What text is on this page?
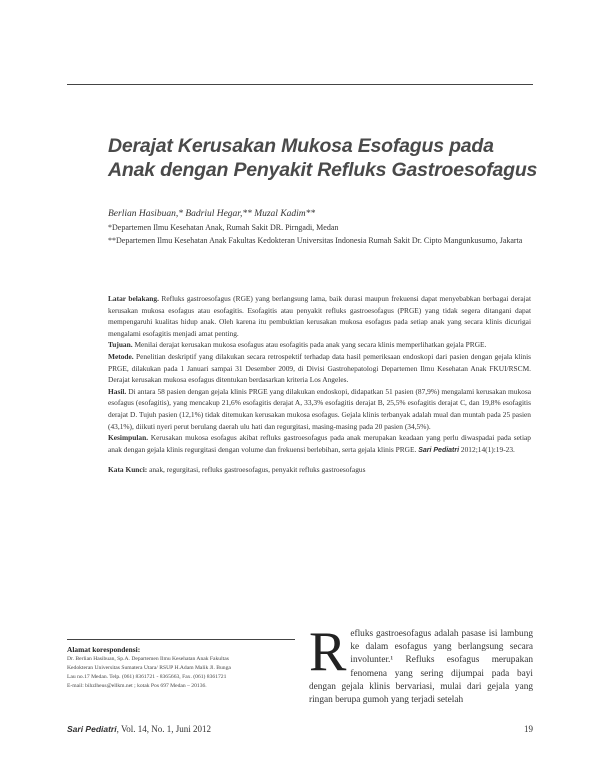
Derajat Kerusakan Mukosa Esofagus pada
Anak dengan Penyakit Refluks Gastroesofagus
Berlian Hasibuan,* Badriul Hegar,** Muzal Kadim**
*Departemen Ilmu Kesehatan Anak, Rumah Sakit DR. Pirngadi, Medan
**Departemen Ilmu Kesehatan Anak Fakultas Kedokteran Universitas Indonesia Rumah Sakit Dr. Cipto Mangunkusumo, Jakarta

Latar belakang. Refluks gastroesofagus (RGE) yang berlangsung lama, baik durasi maupun frekuensi dapat menyebabkan berbagai derajat kerusakan mukosa esofagus atau esofagitis. Esofagitis atau penyakit refluks gastroesofagus (PRGE) yang tidak segera ditangani dapat mempengaruhi kualitas hidup anak. Oleh karena itu pembuktian kerusakan mukosa esofagus pada setiap anak yang secara klinis dicurigai mengalami esofagitis menjadi amat penting.

Tujuan. Menilai derajat kerusakan mukosa esofagus atau esofagitis pada anak yang secara klinis memperlihatkan gejala PRGE.

Metode. Penelitian deskriptif yang dilakukan secara retrospektif terhadap data hasil pemeriksaan endoskopi dari pasien dengan gejala klinis PRGE, dilakukan pada 1 Januari sampai 31 Desember 2009, di Divisi Gastrohepatologi Departemen Ilmu Kesehatan Anak FKUI/RSCM. Derajat kerusakan mukosa esofagus ditentukan berdasarkan kriteria Los Angeles.

Hasil. Di antara 58 pasien dengan gejala klinis PRGE yang dilakukan endoskopi, didapatkan 51 pasien (87,9%) mengalami kerusakan mukosa esofagus (esofagitis), yang mencakup 21,6% esofagitis derajat A, 33,3% esofagitis derajat B, 25,5% esofagitis derajat C, dan 19,8% esofagitis derajat D. Tujuh pasien (12,1%) tidak ditemukan kerusakan mukosa esofagus. Gejala klinis terbanyak adalah mual dan muntah pada 25 pasien (43,1%), diikuti nyeri perut berulang daerah ulu hati dan regurgitasi, masing-masing pada 20 pasien (34,5%).

Kesimpulan. Kerusakan mukosa esofagus akibat refluks gastroesofagus pada anak merupakan keadaan yang perlu diwaspadai pada setiap anak dengan gejala klinis regurgitasi dengan volume dan frekuensi berlebihan, serta gejala klinis PRGE. Sari Pediatri 2012;14(1):19-23.

Kata Kunci: anak, regurgitasi, refluks gastroesofagus, penyakit refluks gastroesofagus

Alamat korespondensi:
Dr. Berlian Hasibuan, Sp.A. Departemen Ilmu Kesehatan Anak Fakultas
Kedokteran Universitas Sumatera Utara/ RSUP H.Adam Malik Jl. Bunga
Lau no.17 Medan. Telp. (061) 8361721 - 8365663, Fax. (061) 8361721
E-mail: bihzlheus@ellkm.net ; kotak Pos 697 Medan – 20136.
Refluks gastroesofagus adalah pasase isi lambung ke dalam esofagus yang berlangsung secara involunter.¹ Refluks esofagus merupakan fenomena yang sering dijumpai pada bayi dengan gejala klinis bervariasi, mulai dari gejala yang ringan berupa gumoh yang terjadi setelah
Sari Pediatri, Vol. 14, No. 1, Juni 2012	19
